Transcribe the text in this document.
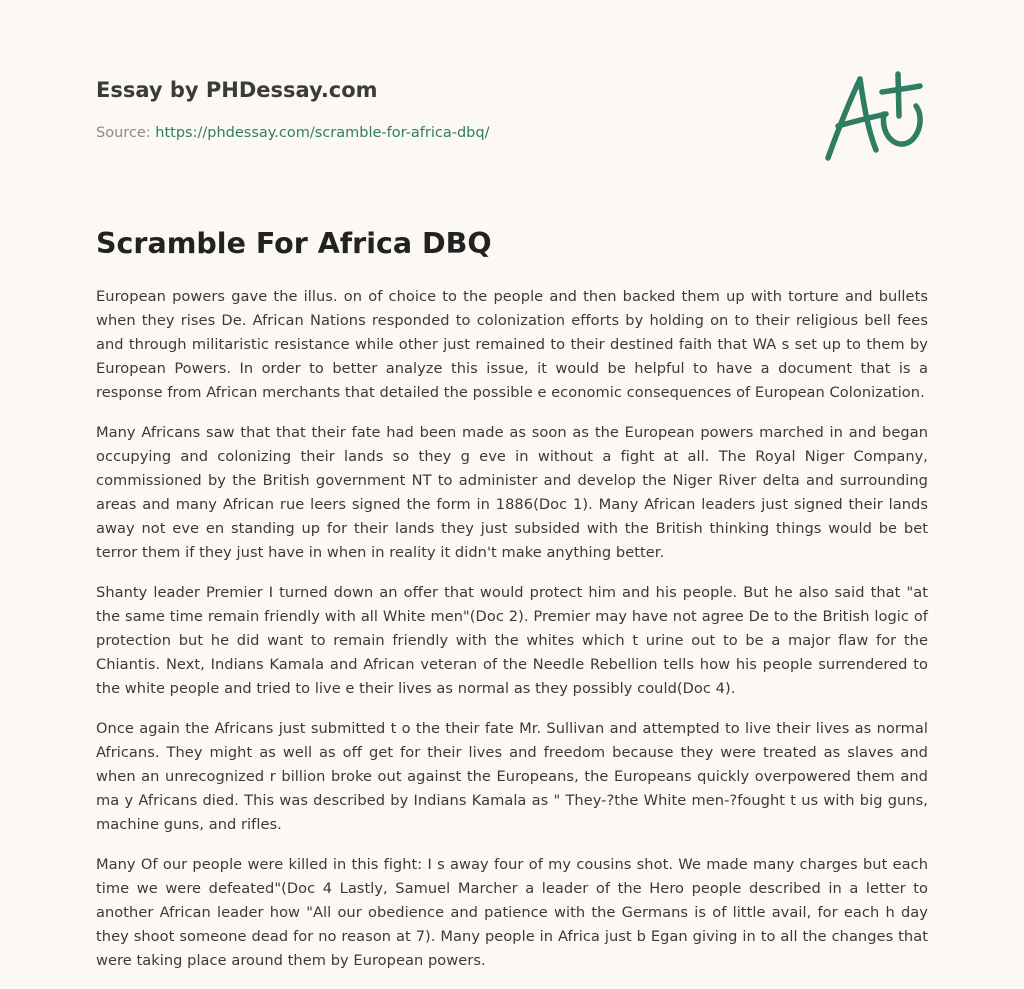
Essay by PHDessay.com
Source: https://phdessay.com/scramble-for-africa-dbq/
Scramble For Africa DBQ

European powers gave the illus. on of choice to the people and then backed them up with torture and bullets when they rises De. African Nations responded to colonization efforts by holding on to their religious bell fees and through militaristic resistance while other just remained to their destined faith that WA s set up to them by European Powers. In order to better analyze this issue, it would be helpful to have a document that is a response from African merchants that detailed the possible e economic consequences of European Colonization.

Many Africans saw that that their fate had been made as soon as the European powers marched in and began occupying and colonizing their lands so they g eve in without a fight at all. The Royal Niger Company, commissioned by the British government NT to administer and develop the Niger River delta and surrounding areas and many African rue leers signed the form in 1886(Doc 1). Many African leaders just signed their lands away not eve en standing up for their lands they just subsided with the British thinking things would be bet terror them if they just have in when in reality it didn't make anything better.

Shanty leader Premier I turned down an offer that would protect him and his people. But he also said that "at the same time remain friendly with all White men"(Doc 2). Premier may have not agree De to the British logic of protection but he did want to remain friendly with the whites which t urine out to be a major flaw for the Chiantis. Next, Indians Kamala and African veteran of the Needle Rebellion tells how his people surrendered to the white people and tried to live e their lives as normal as they possibly could(Doc 4).

Once again the Africans just submitted t o the their fate Mr. Sullivan and attempted to live their lives as normal Africans. They might as well as off get for their lives and freedom because they were treated as slaves and when an unrecognized r billion broke out against the Europeans, the Europeans quickly overpowered them and ma y Africans died. This was described by Indians Kamala as " They-?the White men-?fought t us with big guns, machine guns, and rifles.

Many Of our people were killed in this fight: I s away four of my cousins shot. We made many charges but each time we were defeated"(Doc 4 Lastly, Samuel Marcher a leader of the Hero people described in a letter to another African leader how "All our obedience and patience with the Germans is of little avail, for each h day they shoot someone dead for no reason at 7). Many people in Africa just b Egan giving in to all the changes that were taking place around them by European powers.
